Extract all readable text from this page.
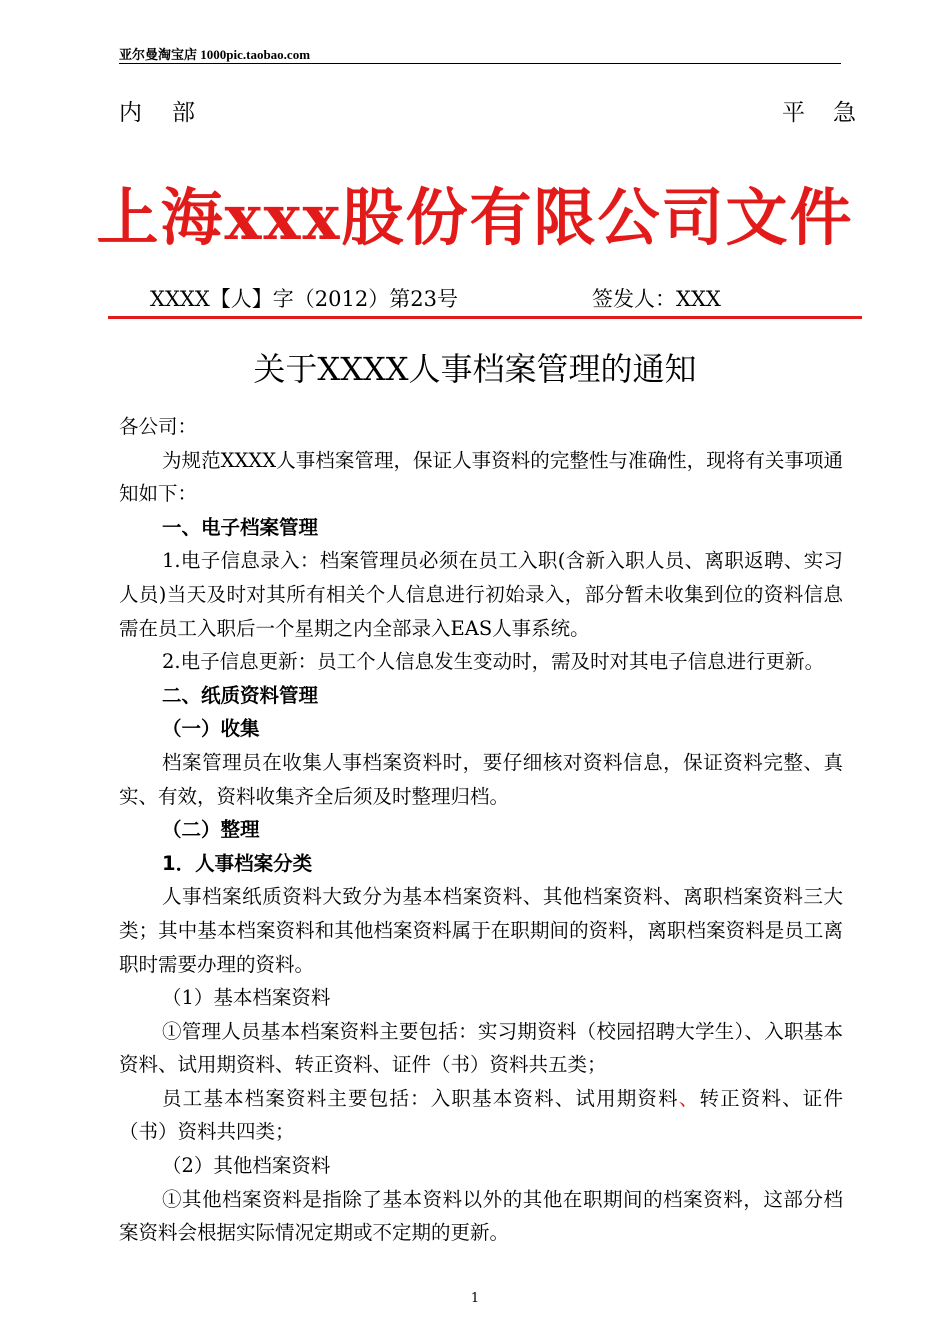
亚尔曼淘宝店 1000pic.taobao.com
内部	平急
上海xxx股份有限公司文件
XXXX【人】字（2012）第23号	签发人：XXX
关于XXXX人事档案管理的通知

各公司：

为规范XXXX人事档案管理，保证人事资料的完整性与准确性，现将有关事项通知如下：

一、电子档案管理

1.电子信息录入：档案管理员必须在员工入职(含新入职人员、离职返聘、实习人员)当天及时对其所有相关个人信息进行初始录入，部分暂未收集到位的资料信息需在员工入职后一个星期之内全部录入EAS人事系统。

2.电子信息更新：员工个人信息发生变动时，需及时对其电子信息进行更新。

二、纸质资料管理

（一）收集

档案管理员在收集人事档案资料时，要仔细核对资料信息，保证资料完整、真实、有效，资料收集齐全后须及时整理归档。

（二）整理

1．人事档案分类

人事档案纸质资料大致分为基本档案资料、其他档案资料、离职档案资料三大类；其中基本档案资料和其他档案资料属于在职期间的资料，离职档案资料是员工离职时需要办理的资料。

（1）基本档案资料

①管理人员基本档案资料主要包括：实习期资料（校园招聘大学生）、入职基本资料、试用期资料、转正资料、证件（书）资料共五类；

员工基本档案资料主要包括：入职基本资料、试用期资料、转正资料、证件（书）资料共四类；

（2）其他档案资料

①其他档案资料是指除了基本资料以外的其他在职期间的档案资料，这部分档案资料会根据实际情况定期或不定期的更新。

1
